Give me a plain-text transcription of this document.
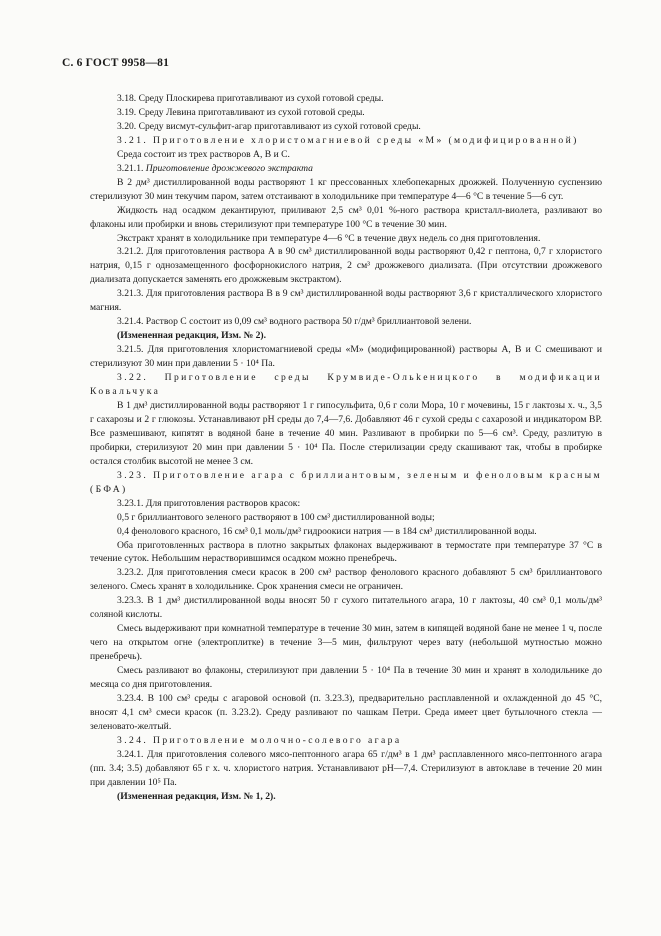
С. 6 ГОСТ 9958—81

3.18. Среду Плоскирева приготавливают из сухой готовой среды.

3.19. Среду Левина приготавливают из сухой готовой среды.

3.20. Среду висмут-сульфит-агар приготавливают из сухой готовой среды.

3.21. Приготовление хлористомагниевой среды «М» (модифицированной)

Среда состоит из трех растворов А, В и С.

3.21.1. Приготовление дрожжевого экстракта

В 2 дм³ дистиллированной воды растворяют 1 кг прессованных хлебопекарных дрожжей. Полученную суспензию стерилизуют 30 мин текучим паром, затем отстаивают в холодильнике при температуре 4—6 °С в течение 5—6 сут.

Жидкость над осадком декантируют, приливают 2,5 см³ 0,01 %-ного раствора кристалл-виолета, разливают во флаконы или пробирки и вновь стерилизуют при температуре 100 °С в течение 30 мин.

Экстракт хранят в холодильнике при температуре 4—6 °С в течение двух недель со дня приготовления.

3.21.2. Для приготовления раствора А в 90 см³ дистиллированной воды растворяют 0,42 г пептона, 0,7 г хлористого натрия, 0,15 г однозамещенного фосфорнокислого натрия, 2 см³ дрожжевого диализата. (При отсутствии дрожжевого диализата допускается заменять его дрожжевым экстрактом).

3.21.3. Для приготовления раствора В в 9 см³ дистиллированной воды растворяют 3,6 г кристаллического хлористого магния.

3.21.4. Раствор С состоит из 0,09 см³ водного раствора 50 г/дм³ бриллиантовой зелени.

(Измененная редакция, Изм. № 2).

3.21.5. Для приготовления хлористомагниевой среды «М» (модифицированной) растворы А, В и С смешивают и стерилизуют 30 мин при давлении 5 · 10⁴ Па.

3.22. Приготовление среды Крумвиде-Ольkеницкого в модификации Ковальчука

В 1 дм³ дистиллированной воды растворяют 1 г гипосульфита, 0,6 г соли Мора, 10 г мочевины, 15 г лактозы х. ч., 3,5 г сахарозы и 2 г глюкозы. Устанавливают рН среды до 7,4—7,6. Добавляют 46 г сухой среды с сахарозой и индикатором ВР. Все размешивают, кипятят в водяной бане в течение 40 мин. Разливают в пробирки по 5—6 см³. Среду, разлитую в пробирки, стерилизуют 20 мин при давлении 5 · 10⁴ Па. После стерилизации среду скашивают так, чтобы в пробирке остался столбик высотой не менее 3 см.

3.23. Приготовление агара с бриллиантовым, зеленым и феноловым красным (БФА)

3.23.1. Для приготовления растворов красок:

0,5 г бриллиантового зеленого растворяют в 100 см³ дистиллированной воды;

0,4 фенолового красного, 16 см³ 0,1 моль/дм³ гидроокиси натрия — в 184 см³ дистиллированной воды.

Оба приготовленных раствора в плотно закрытых флаконах выдерживают в термостате при температуре 37 °С в течение суток. Небольшим нерастворившимся осадком можно пренебречь.

3.23.2. Для приготовления смеси красок в 200 см³ раствор фенолового красного добавляют 5 см³ бриллиантового зеленого. Смесь хранят в холодильнике. Срок хранения смеси не ограничен.

3.23.3. В 1 дм³ дистиллированной воды вносят 50 г сухого питательного агара, 10 г лактозы, 40 см³ 0,1 моль/дм³ соляной кислоты.

Смесь выдерживают при комнатной температуре в течение 30 мин, затем в кипящей водяной бане не менее 1 ч, после чего на открытом огне (электроплитке) в течение 3—5 мин, фильтруют через вату (небольшой мутностью можно пренебречь).

Смесь разливают во флаконы, стерилизуют при давлении 5 · 10⁴ Па в течение 30 мин и хранят в холодильнике до месяца со дня приготовления.

3.23.4. В 100 см³ среды с агаровой основой (п. 3.23.3), предварительно расплавленной и охлажденной до 45 °С, вносят 4,1 см³ смеси красок (п. 3.23.2). Среду разливают по чашкам Петри. Среда имеет цвет бутылочного стекла — зеленовато-желтый.

3.24. Приготовление молочно-солевого агара

3.24.1. Для приготовления солевого мясо-пептонного агара 65 г/дм³ в 1 дм³ расплавленного мясо-пептонного агара (пп. 3.4; 3.5) добавляют 65 г х. ч. хлористого натрия. Устанавливают рН—7,4. Стерилизуют в автоклаве в течение 20 мин при давлении 10⁵ Па.

(Измененная редакция, Изм. № 1, 2).
